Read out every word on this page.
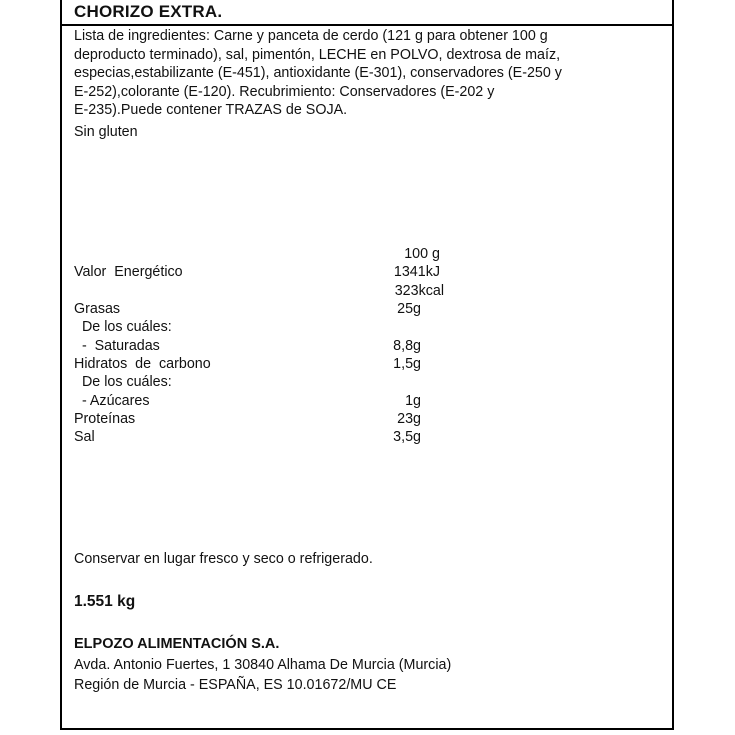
CHORIZO EXTRA.
Lista de ingredientes: Carne y panceta de cerdo (121 g para obtener 100 g
deproducto terminado), sal, pimentón, LECHE en POLVO, dextrosa de maíz,
especias,estabilizante (E-451), antioxidante (E-301), conservadores (E-250 y
E-252),colorante (E-120). Recubrimiento: Conservadores (E-202 y
E-235).Puede contener TRAZAS de SOJA.
Sin gluten
100 g
Valor  Energético	1341kJ
323kcal
Grasas	25g
De los cuáles:
-  Saturadas	8,8g
Hidratos  de  carbono	1,5g
De los cuáles:
- Azúcares	1g
Proteínas	23g
Sal	3,5g
Conservar en lugar fresco y seco o refrigerado.
1.551 kg
ELPOZO ALIMENTACIÓN S.A.
Avda. Antonio Fuertes, 1 30840 Alhama De Murcia (Murcia)
Región de Murcia - ESPAÑA, ES 10.01672/MU CE
